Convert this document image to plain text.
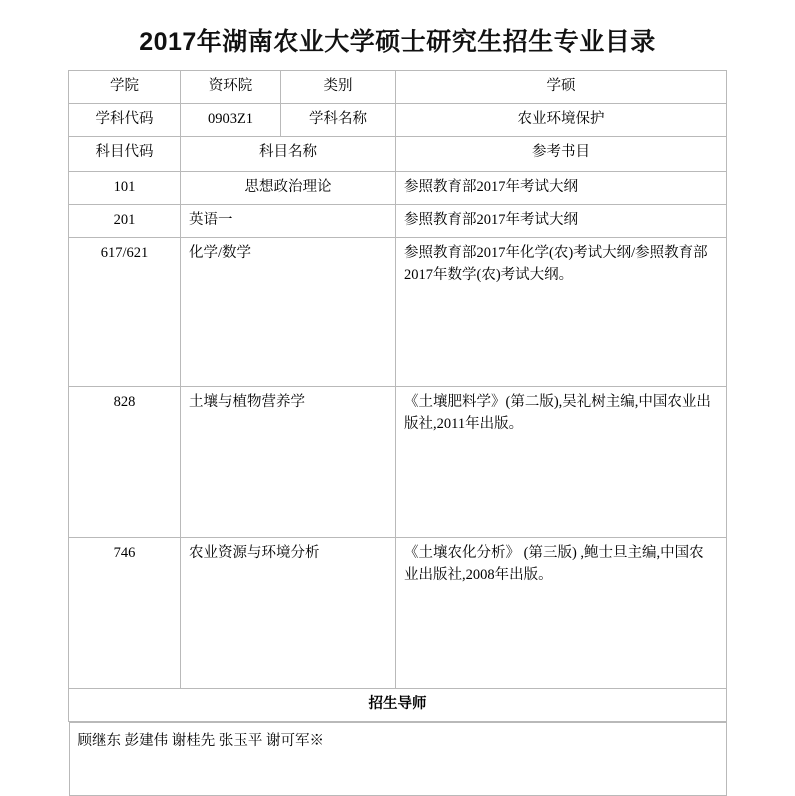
2017年湖南农业大学硕士研究生招生专业目录
学院	资环院	类别	学硕
学科代码	0903Z1	学科名称	农业环境保护
科目代码	科目名称		参考书目
101	思想政治理论		参照教育部2017年考试大纲
201	英语一		参照教育部2017年考试大纲
617/621	化学/数学		参照教育部2017年化学(农)考试大纲/参照教育部2017年数学(农)考试大纲。
828	土壤与植物营养学		《土壤肥料学》(第二版),吴礼树主编,中国农业出版社,2011年出版。
746	农业资源与环境分析		《土壤农化分析》 (第三版) ,鲍士旦主编,中国农业出版社,2008年出版。
招生导师			
顾继东 彭建伟 谢桂先 张玉平 谢可军※
